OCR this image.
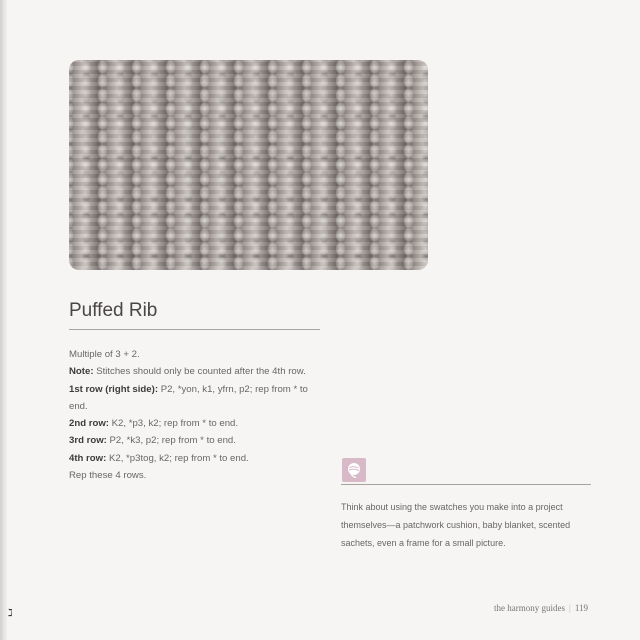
Puffed Rib

Multiple of 3 + 2.

Note: Stitches should only be counted after the 4th row.

1st row (right side): P2, *yon, k1, yfrn, p2; rep from * to end.

2nd row: K2, *p3, k2; rep from * to end.

3rd row: P2, *k3, p2; rep from * to end.

4th row: K2, *p3tog, k2; rep from * to end.

Rep these 4 rows.

Think about using the swatches you make into a project themselves—a patchwork cushion, baby blanket, scented sachets, even a frame for a small picture.
the harmony guides | 119
ℷ
